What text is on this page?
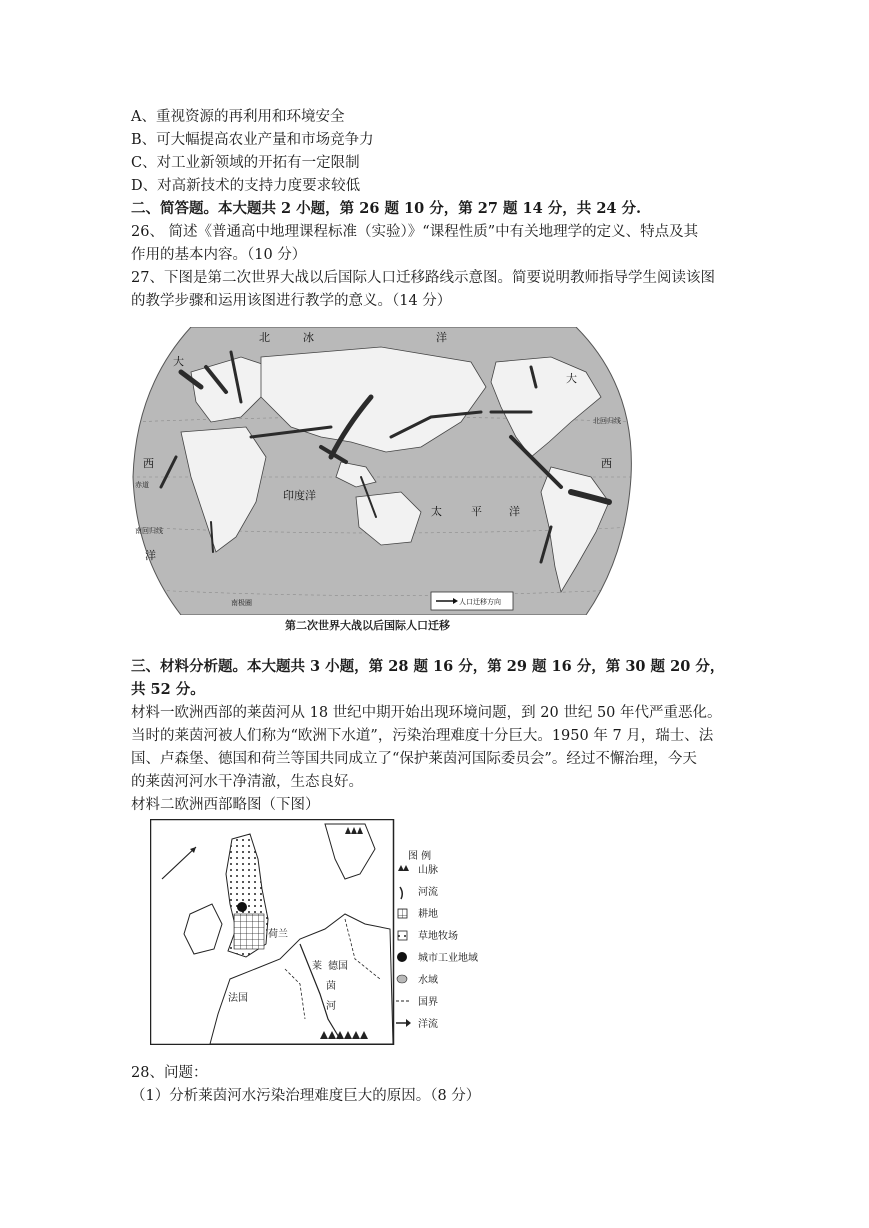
A、重视资源的再利用和环境安全
B、可大幅提高农业产量和市场竞争力
C、对工业新领域的开拓有一定限制
D、对高新技术的支持力度要求较低
二、简答题。本大题共 2 小题，第 26 题 10 分，第 27 题 14 分，共 24 分.
26、 简述《普通高中地理课程标准（实验）》“课程性质”中有关地理学的定义、特点及其
作用的基本内容。（10 分）
27、下图是第二次世界大战以后国际人口迁移路线示意图。简要说明教师指导学生阅读该图
的教学步骤和运用该图进行教学的意义。（14 分）
北	冰	洋
大
大
西	西
印度洋
太	平 洋
洋
北回归线
赤道
南回归线
南极圈	人口迁移方向
第二次世界大战以后国际人口迁移
三、材料分析题。本大题共 3 小题，第 28 题 16 分，第 29 题 16 分，第 30 题 20 分，
共 52 分。
材料一欧洲西部的莱茵河从 18 世纪中期开始出现环境问题，到 20 世纪 50 年代严重恶化。
当时的莱茵河被人们称为“欧洲下水道”，污染治理难度十分巨大。1950 年 7 月，瑞士、法
国、卢森堡、德国和荷兰等国共同成立了“保护莱茵河国际委员会”。经过不懈治理，今天
的莱茵河河水干净清澈，生态良好。
材料二欧洲西部略图（下图）
荷兰
德国
法国
莱
茵
河
图 例
山脉
河流
耕地
草地牧场
城市工业地域
水域
国界
洋流
28、问题：
（1）分析莱茵河水污染治理难度巨大的原因。（8 分）
